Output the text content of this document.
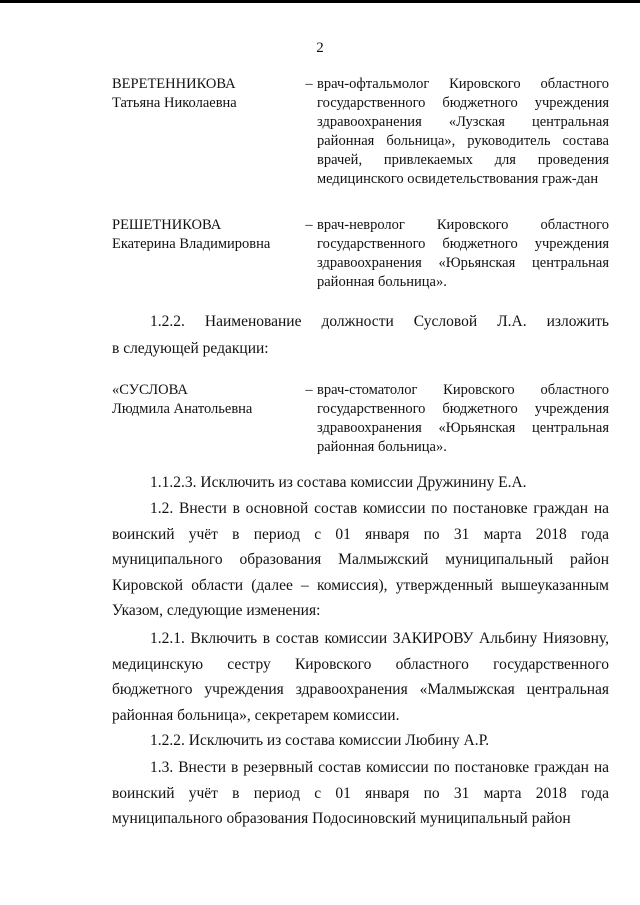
2
ВЕРЕТЕННИКОВА
Татьяна Николаевна
– врач-офтальмолог Кировского областного государственного бюджетного учреждения здравоохранения «Лузская центральная районная больница», руководитель состава врачей, привлекаемых для проведения медицинского освидетельствования граж-дан
РЕШЕТНИКОВА
Екатерина Владимировна
– врач-невролог Кировского областного государственного бюджетного учреждения здравоохранения «Юрьянская центральная районная больница».
1.2.2. Наименование должности Сусловой Л.А. изложить
в следующей редакции:
«СУСЛОВА
Людмила Анатольевна
– врач-стоматолог Кировского областного государственного бюджетного учреждения здравоохранения «Юрьянская центральная районная больница».
1.1.2.3. Исключить из состава комиссии Дружинину Е.А.
1.2. Внести в основной состав комиссии по постановке граждан на воинский учёт в период с 01 января по 31 марта 2018 года муниципального образования Малмыжский муниципальный район Кировской области (далее – комиссия), утвержденный вышеуказанным Указом, следующие изменения:
1.2.1. Включить в состав комиссии ЗАКИРОВУ Альбину Ниязовну, медицинскую сестру Кировского областного государственного бюджетного учреждения здравоохранения «Малмыжская центральная районная больница», секретарем комиссии.
1.2.2. Исключить из состава комиссии Любину А.Р.
1.3. Внести в резервный состав комиссии по постановке граждан на воинский учёт в период с 01 января по 31 марта 2018 года муниципального образования Подосиновский муниципальный район
